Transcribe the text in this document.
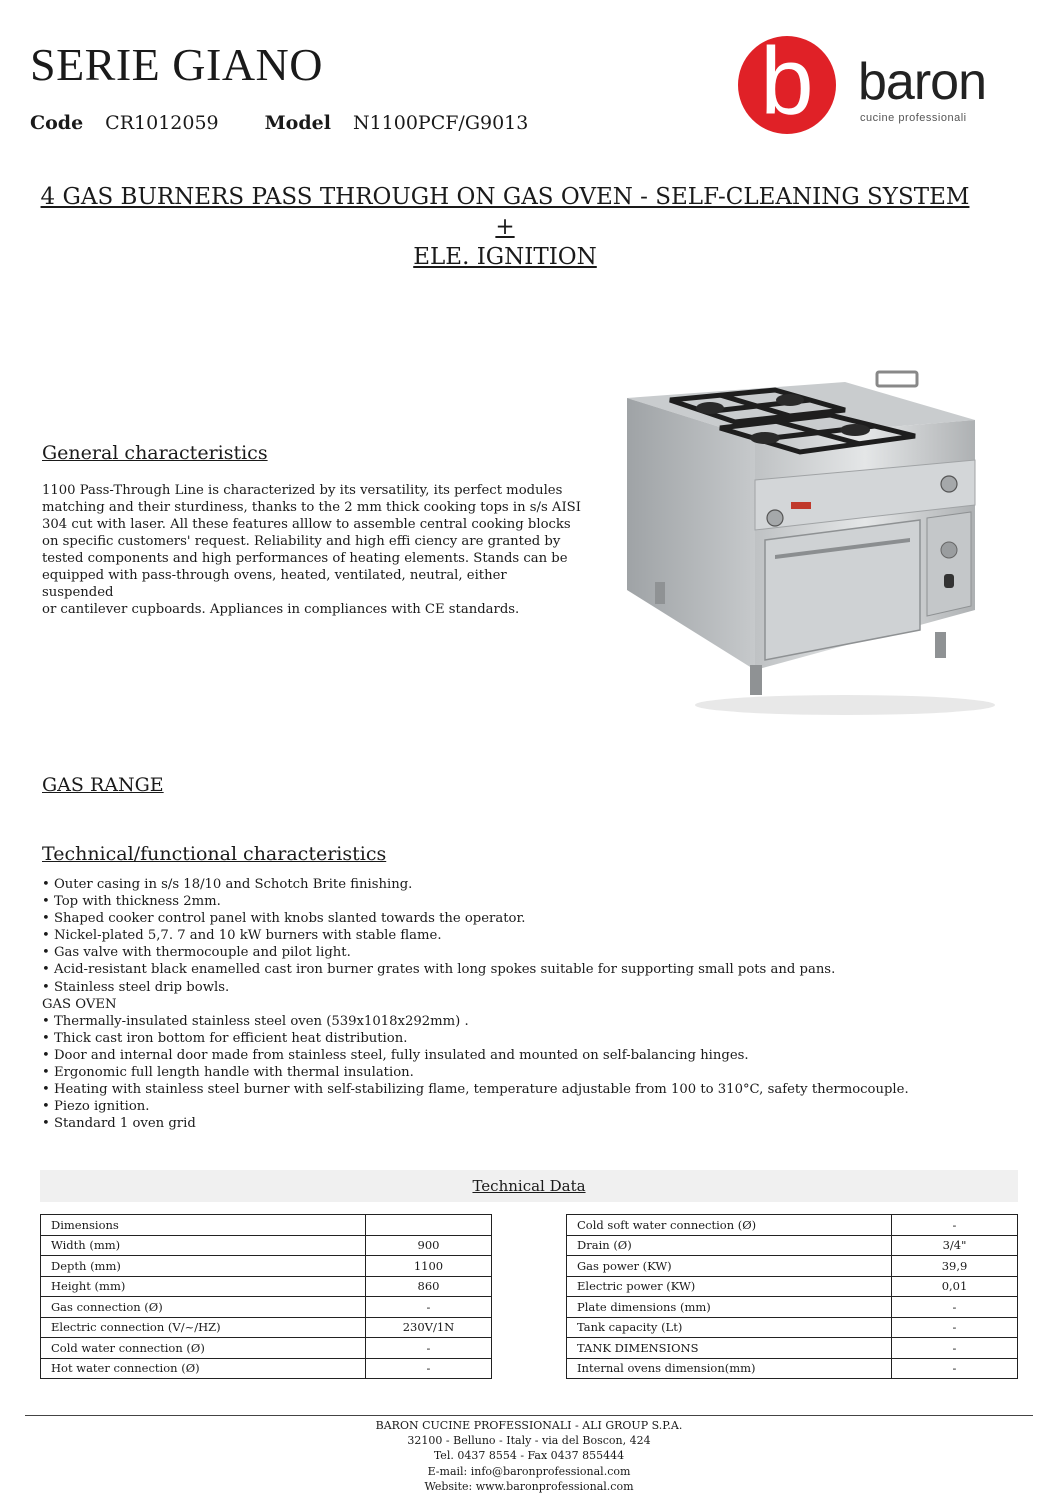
SERIE GIANO
Code CR1012059 Model N1100PCF/G9013 b baron
cucine professionali
4 GAS BURNERS PASS THROUGH ON GAS OVEN - SELF-CLEANING SYSTEM +
ELE. IGNITION
General characteristics
1100 Pass-Through Line is characterized by its versatility, its perfect modules
matching and their sturdiness, thanks to the 2 mm thick cooking tops in s/s AISI
304 cut with laser. All these features alllow to assemble central cooking blocks
on specific customers' request. Reliability and high effi ciency are granted by
tested components and high performances of heating elements. Stands can be
equipped with pass-through ovens, heated, ventilated, neutral, either suspended
or cantilever cupboards. Appliances in compliances with CE standards.
GAS RANGE
Technical/functional characteristics
• Outer casing in s/s 18/10 and Schotch Brite finishing.
• Top with thickness 2mm.
• Shaped cooker control panel with knobs slanted towards the operator.
• Nickel-plated 5,7. 7 and 10 kW burners with stable flame.
• Gas valve with thermocouple and pilot light.
• Acid-resistant black enamelled cast iron burner grates with long spokes suitable for supporting small pots and pans.
• Stainless steel drip bowls.
GAS OVEN
• Thermally-insulated stainless steel oven (539x1018x292mm) .
• Thick cast iron bottom for efficient heat distribution.
• Door and internal door made from stainless steel, fully insulated and mounted on self-balancing hinges.
• Ergonomic full length handle with thermal insulation.
• Heating with stainless steel burner with self-stabilizing flame, temperature adjustable from 100 to 310°C, safety thermocouple.
• Piezo ignition.
• Standard 1 oven grid
Technical Data
Dimensions	
Width (mm)	900
Depth (mm)	1100
Height (mm)	860
Gas connection (Ø)	-
Electric connection (V/~/HZ)	230V/1N
Cold water connection (Ø)	-
Hot water connection (Ø)	-
Cold soft water connection (Ø)	-
Drain (Ø)	3/4"
Gas power (KW)	39,9
Electric power (KW)	0,01
Plate dimensions (mm)	-
Tank capacity (Lt)	-
TANK DIMENSIONS	-
Internal ovens dimension(mm)	-
BARON CUCINE PROFESSIONALI - ALI GROUP S.P.A.
32100 - Belluno - Italy - via del Boscon, 424
Tel. 0437 8554 - Fax 0437 855444
E-mail: info@baronprofessional.com
Website: www.baronprofessional.com
